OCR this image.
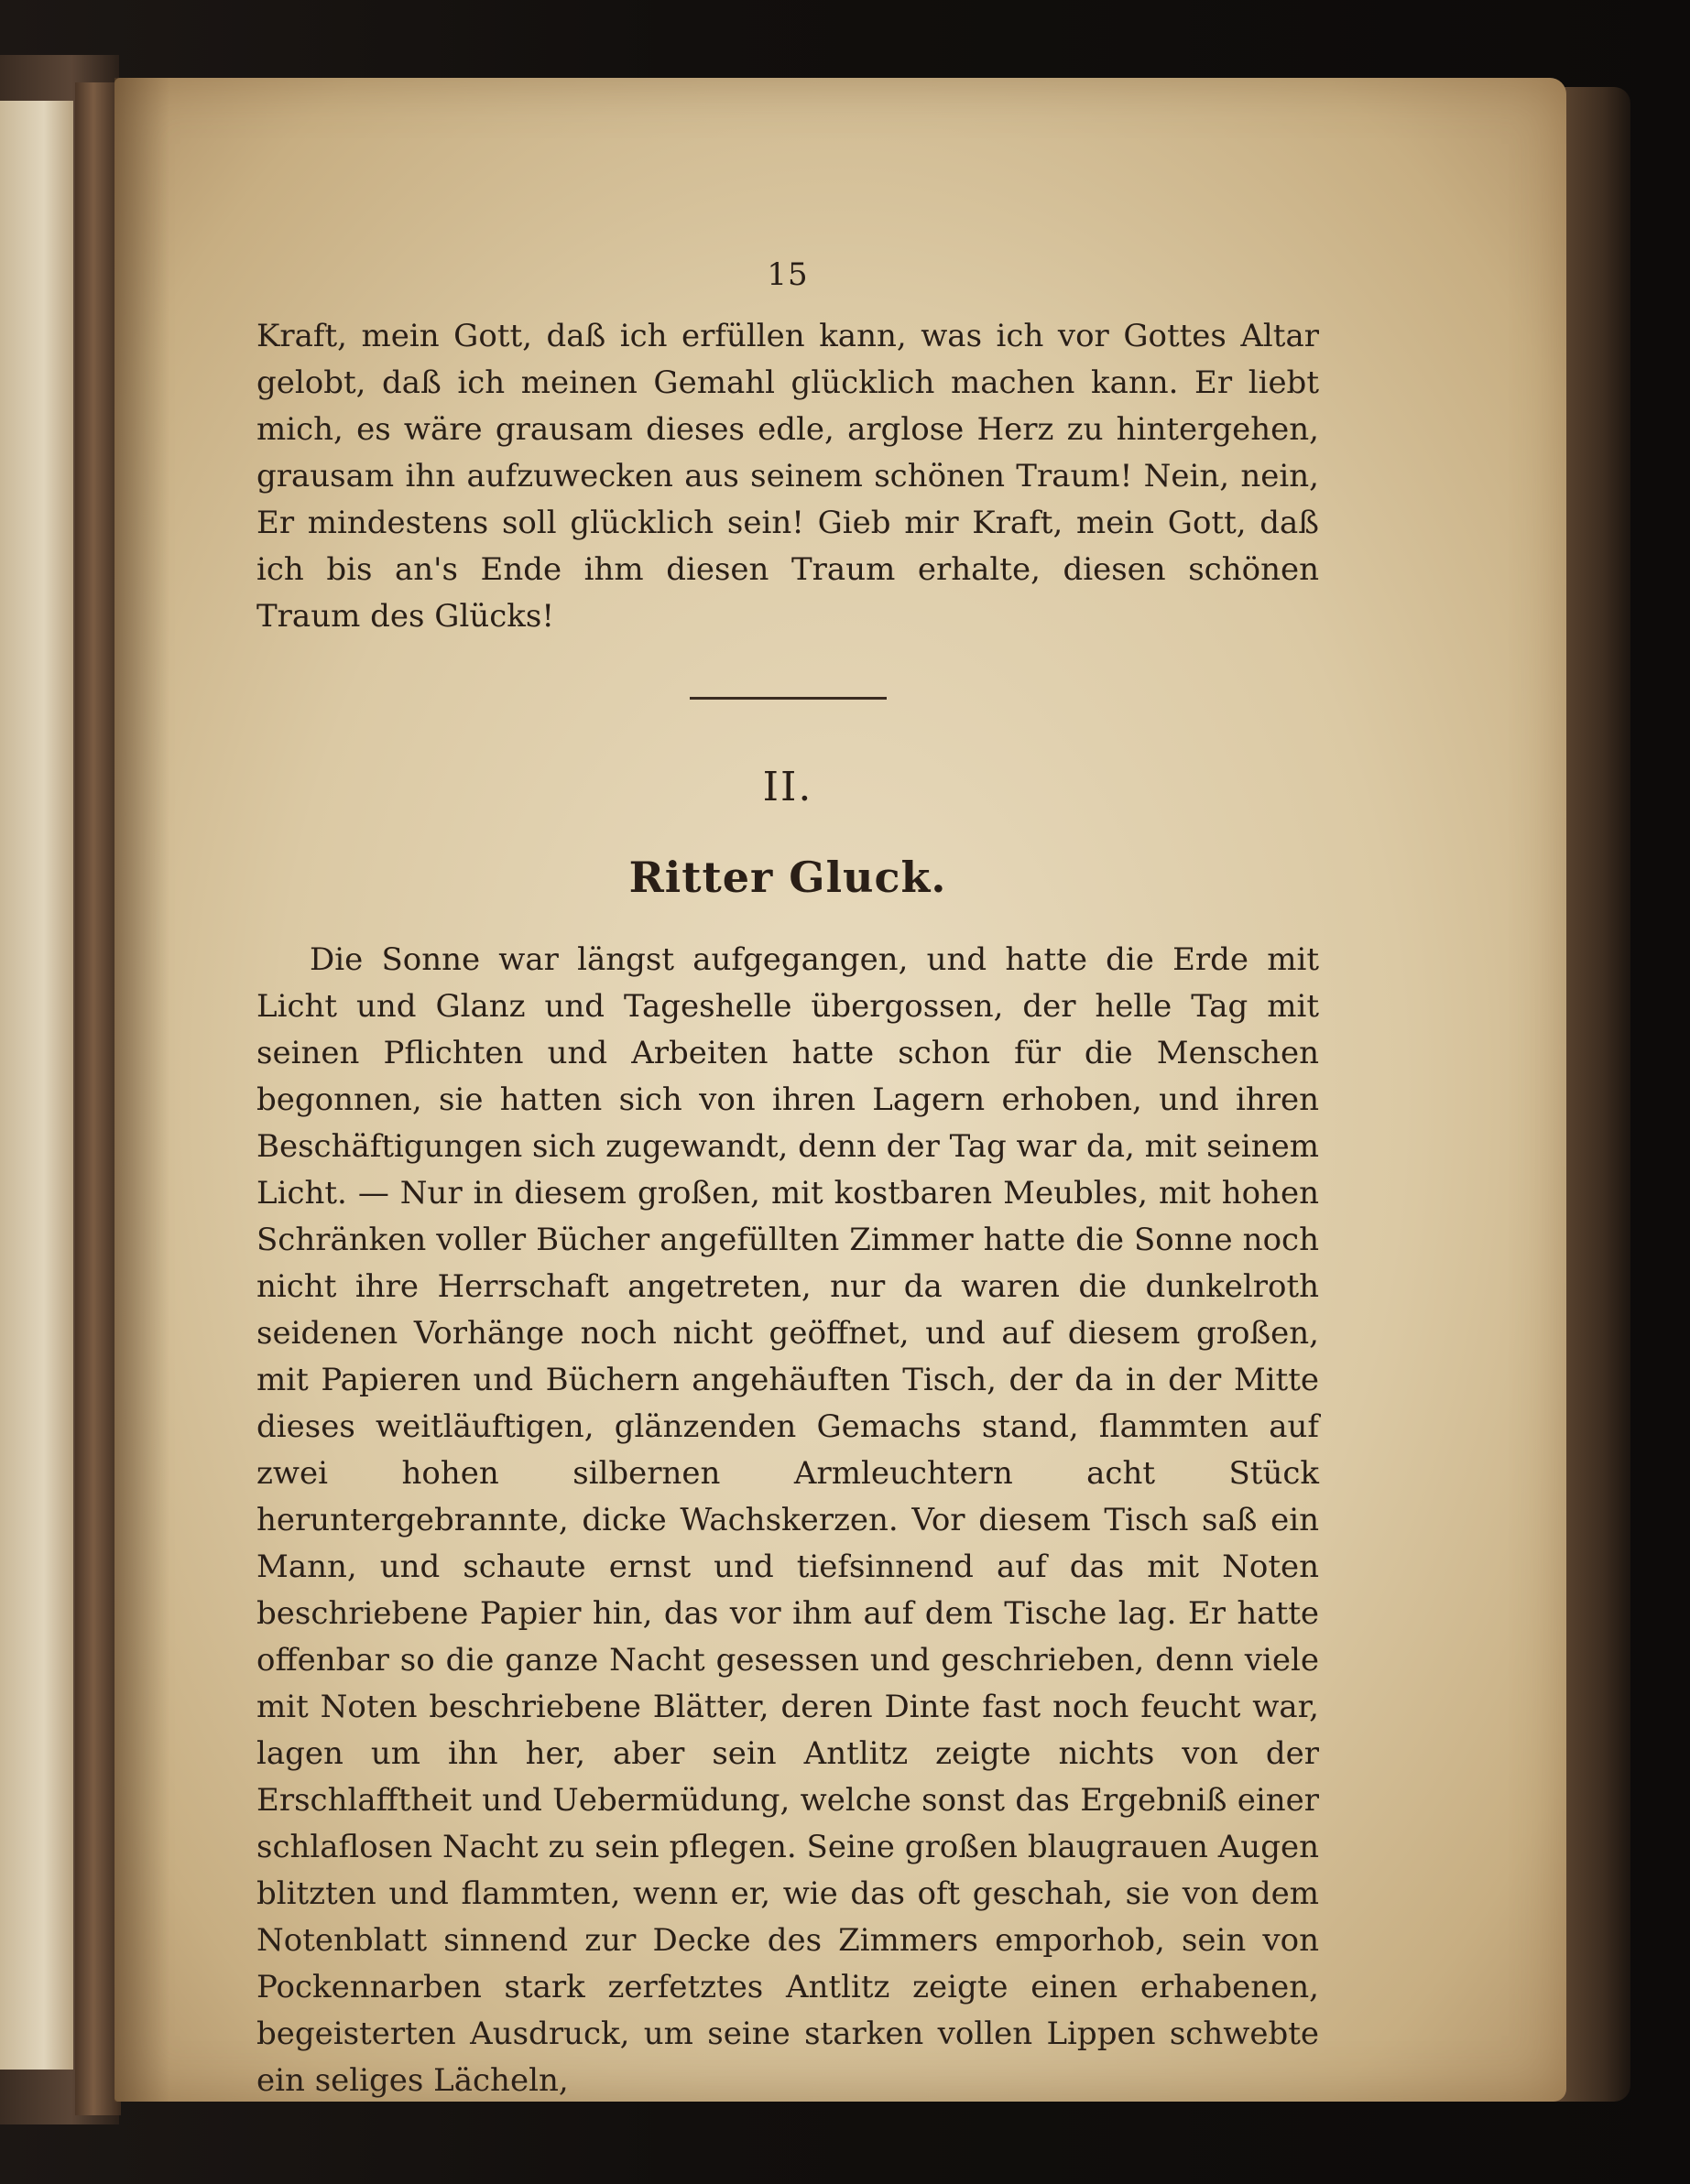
15

Kraft, mein Gott, daß ich erfüllen kann, was ich vor Gottes Altar gelobt, daß ich meinen Gemahl glücklich machen kann. Er liebt mich, es wäre grausam dieses edle, arglose Herz zu hintergehen, grausam ihn aufzuwecken aus seinem schönen Traum! Nein, nein, Er mindestens soll glücklich sein! Gieb mir Kraft, mein Gott, daß ich bis an's Ende ihm diesen Traum erhalte, diesen schönen Traum des Glücks!

II.
Ritter Gluck.

Die Sonne war längst aufgegangen, und hatte die Erde mit Licht und Glanz und Tageshelle übergossen, der helle Tag mit seinen Pflichten und Arbeiten hatte schon für die Menschen begonnen, sie hatten sich von ihren Lagern erhoben, und ihren Beschäftigungen sich zugewandt, denn der Tag war da, mit seinem Licht. — Nur in diesem großen, mit kostbaren Meubles, mit hohen Schränken voller Bücher angefüllten Zimmer hatte die Sonne noch nicht ihre Herrschaft angetreten, nur da waren die dunkelroth seidenen Vorhänge noch nicht geöffnet, und auf diesem großen, mit Papieren und Büchern angehäuften Tisch, der da in der Mitte dieses weitläuftigen, glänzenden Gemachs stand, flammten auf zwei hohen silbernen Armleuchtern acht Stück heruntergebrannte, dicke Wachskerzen. Vor diesem Tisch saß ein Mann, und schaute ernst und tiefsinnend auf das mit Noten beschriebene Papier hin, das vor ihm auf dem Tische lag. Er hatte offenbar so die ganze Nacht gesessen und geschrieben, denn viele mit Noten beschriebene Blätter, deren Dinte fast noch feucht war, lagen um ihn her, aber sein Antlitz zeigte nichts von der Erschlafftheit und Uebermüdung, welche sonst das Ergebniß einer schlaflosen Nacht zu sein pflegen. Seine großen blaugrauen Augen blitzten und flammten, wenn er, wie das oft geschah, sie von dem Notenblatt sinnend zur Decke des Zimmers emporhob, sein von Pockennarben stark zerfetztes Antlitz zeigte einen erhabenen, begeisterten Ausdruck, um seine starken vollen Lippen schwebte ein seliges Lächeln,
